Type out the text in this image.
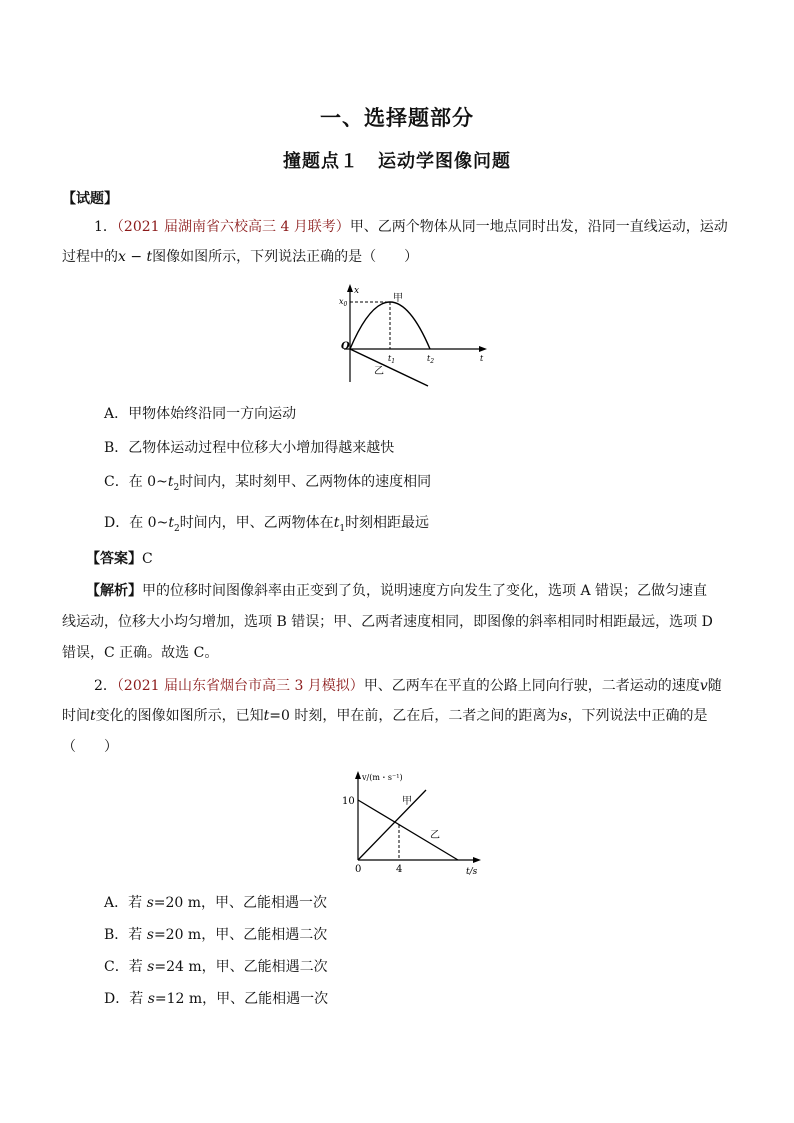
一、选择题部分
撞题点１　运动学图像问题
【试题】
1．（2021 届湖南省六校高三 4 月联考）甲、乙两个物体从同一地点同时出发，沿同一直线运动，运动
过程中的x − t图像如图所示，下列说法正确的是（　　）
x
$x_0$
O
$t_1$	$t_2$	t
甲
乙
A．甲物体始终沿同一方向运动
B．乙物体运动过程中位移大小增加得越来越快
C．在 $0\sim t_2$时间内，某时刻甲、乙两物体的速度相同
D．在 $0\sim t_2$时间内，甲、乙两物体在$t_1$时刻相距最远
【答案】C
【解析】甲的位移时间图像斜率由正变到了负，说明速度方向发生了变化，选项 A 错误；乙做匀速直
线运动，位移大小均匀增加，选项 B 错误；甲、乙两者速度相同，即图像的斜率相同时相距最远，选项 D
错误，C 正确。故选 C。
2．（2021 届山东省烟台市高三 3 月模拟）甲、乙两车在平直的公路上同向行驶，二者运动的速度v随
时间t变化的图像如图所示，已知t=0 时刻，甲在前，乙在后，二者之间的距离为s，下列说法中正确的是
（　　）
v/(m・s⁻¹)
10
0	4	t/s
甲
乙
A．若 s=20 m，甲、乙能相遇一次
B．若 s=20 m，甲、乙能相遇二次
C．若 s=24 m，甲、乙能相遇二次
D．若 s=12 m，甲、乙能相遇一次
